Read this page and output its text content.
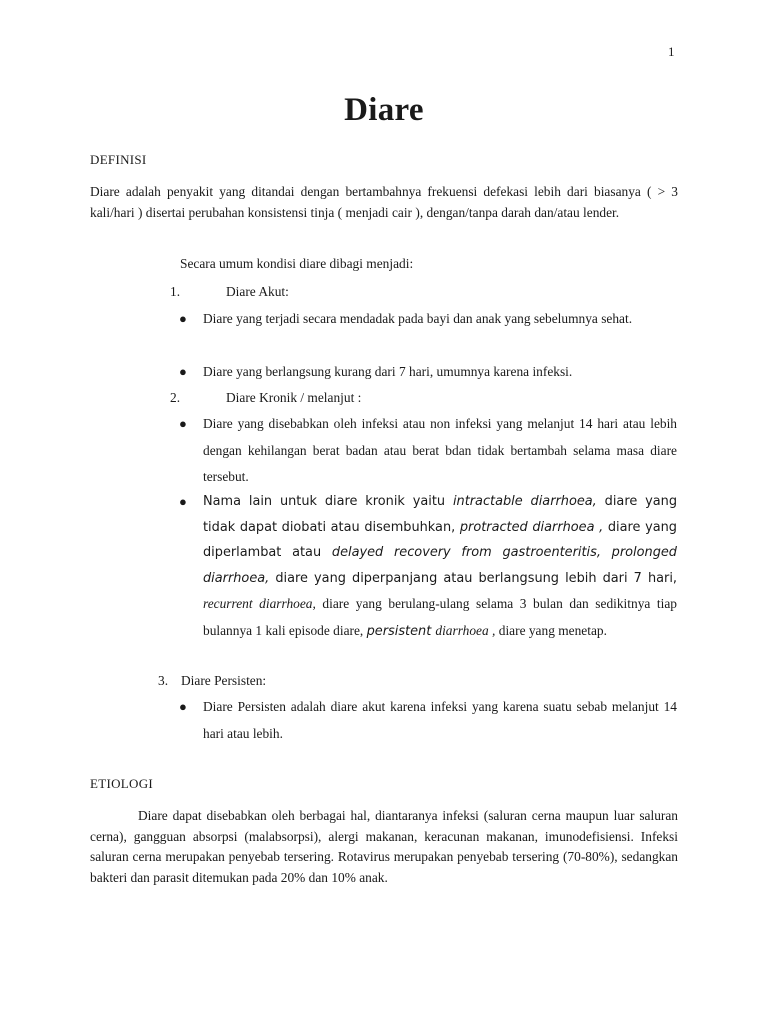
1
Diare
DEFINISI
Diare adalah penyakit yang ditandai dengan bertambahnya frekuensi defekasi lebih dari biasanya ( > 3 kali/hari ) disertai perubahan konsistensi tinja ( menjadi cair ), dengan/tanpa darah dan/atau lender.
Secara umum kondisi diare dibagi menjadi:
1.	Diare Akut:
● Diare yang terjadi secara mendadak pada bayi dan anak yang sebelumnya sehat.
● Diare yang berlangsung kurang dari 7 hari, umumnya karena infeksi.
2.	Diare Kronik / melanjut :
● Diare yang disebabkan oleh infeksi atau non infeksi yang melanjut 14 hari atau lebih dengan kehilangan berat badan atau berat bdan tidak bertambah selama masa diare tersebut.
● Nama lain untuk diare kronik yaitu intractable diarrhoea, diare yang tidak dapat diobati atau disembuhkan, protracted diarrhoea , diare yang diperlambat atau delayed recovery from gastroenteritis, prolonged diarrhoea, diare yang diperpanjang atau berlangsung lebih dari 7 hari, recurrent diarrhoea, diare yang berulang-ulang selama 3 bulan dan sedikitnya tiap bulannya 1 kali episode diare, persistent diarrhoea , diare yang menetap.
3. Diare Persisten:
● Diare Persisten adalah diare akut karena infeksi yang karena suatu sebab melanjut 14 hari atau lebih.
ETIOLOGI
Diare dapat disebabkan oleh berbagai hal, diantaranya infeksi (saluran cerna maupun luar saluran cerna), gangguan absorpsi (malabsorpsi), alergi makanan, keracunan makanan, imunodefisiensi. Infeksi saluran cerna merupakan penyebab tersering. Rotavirus merupakan penyebab tersering (70-80%), sedangkan bakteri dan parasit ditemukan pada 20% dan 10% anak.
